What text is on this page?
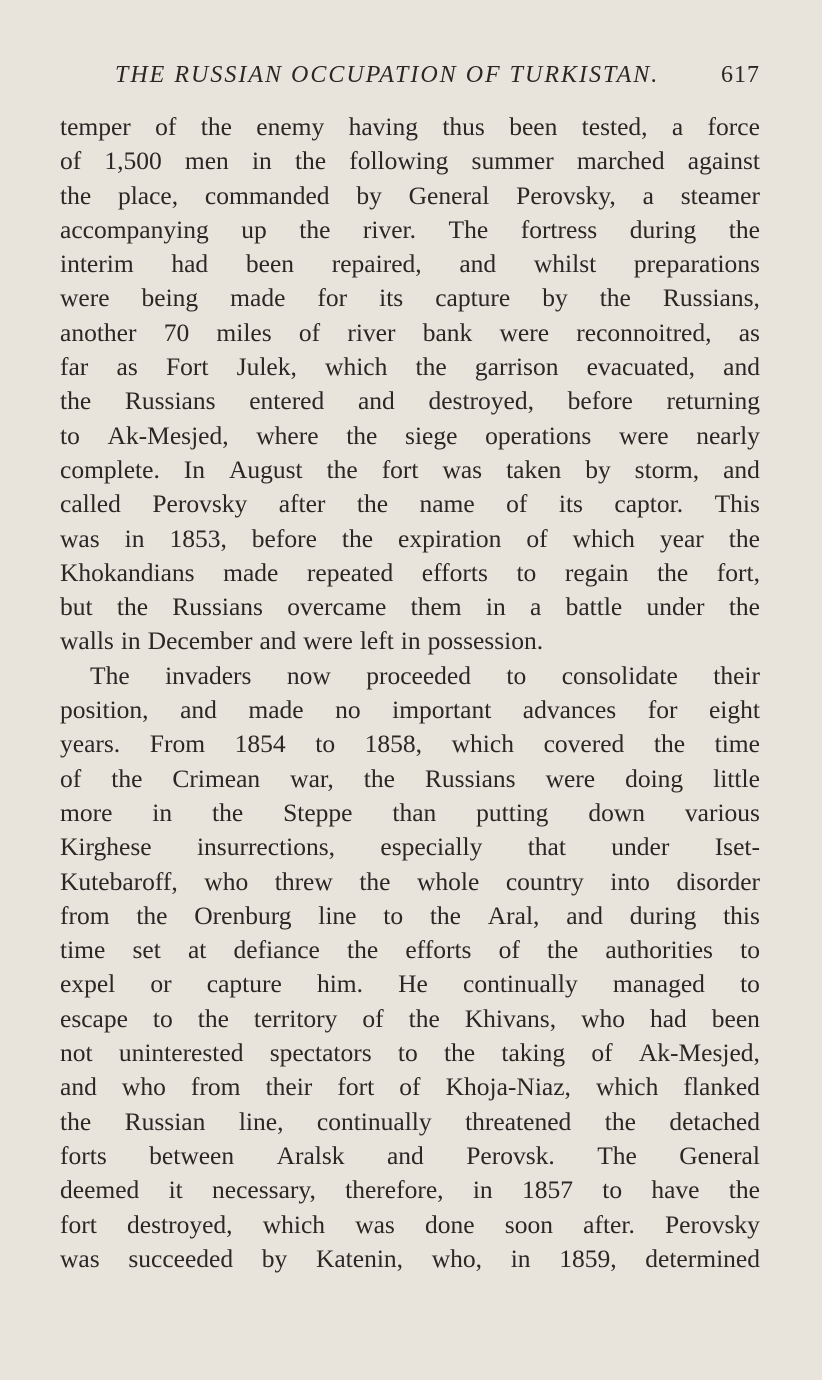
THE RUSSIAN OCCUPATION OF TURKISTAN.	617
temper of the enemy having thus been tested, a force
of 1,500 men in the following summer marched against
the place, commanded by General Perovsky, a steamer
accompanying up the river. The fortress during the
interim had been repaired, and whilst preparations
were being made for its capture by the Russians,
another 70 miles of river bank were reconnoitred, as
far as Fort Julek, which the garrison evacuated, and
the Russians entered and destroyed, before returning
to Ak-Mesjed, where the siege operations were nearly
complete. In August the fort was taken by storm, and
called Perovsky after the name of its captor. This
was in 1853, before the expiration of which year the
Khokandians made repeated efforts to regain the fort,
but the Russians overcame them in a battle under the
walls in December and were left in possession.
The invaders now proceeded to consolidate their
position, and made no important advances for eight
years. From 1854 to 1858, which covered the time
of the Crimean war, the Russians were doing little
more in the Steppe than putting down various
Kirghese insurrections, especially that under Iset-
Kutebaroff, who threw the whole country into disorder
from the Orenburg line to the Aral, and during this
time set at defiance the efforts of the authorities to
expel or capture him. He continually managed to
escape to the territory of the Khivans, who had been
not uninterested spectators to the taking of Ak-Mesjed,
and who from their fort of Khoja-Niaz, which flanked
the Russian line, continually threatened the detached
forts between Aralsk and Perovsk. The General
deemed it necessary, therefore, in 1857 to have the
fort destroyed, which was done soon after. Perovsky
was succeeded by Katenin, who, in 1859, determined
